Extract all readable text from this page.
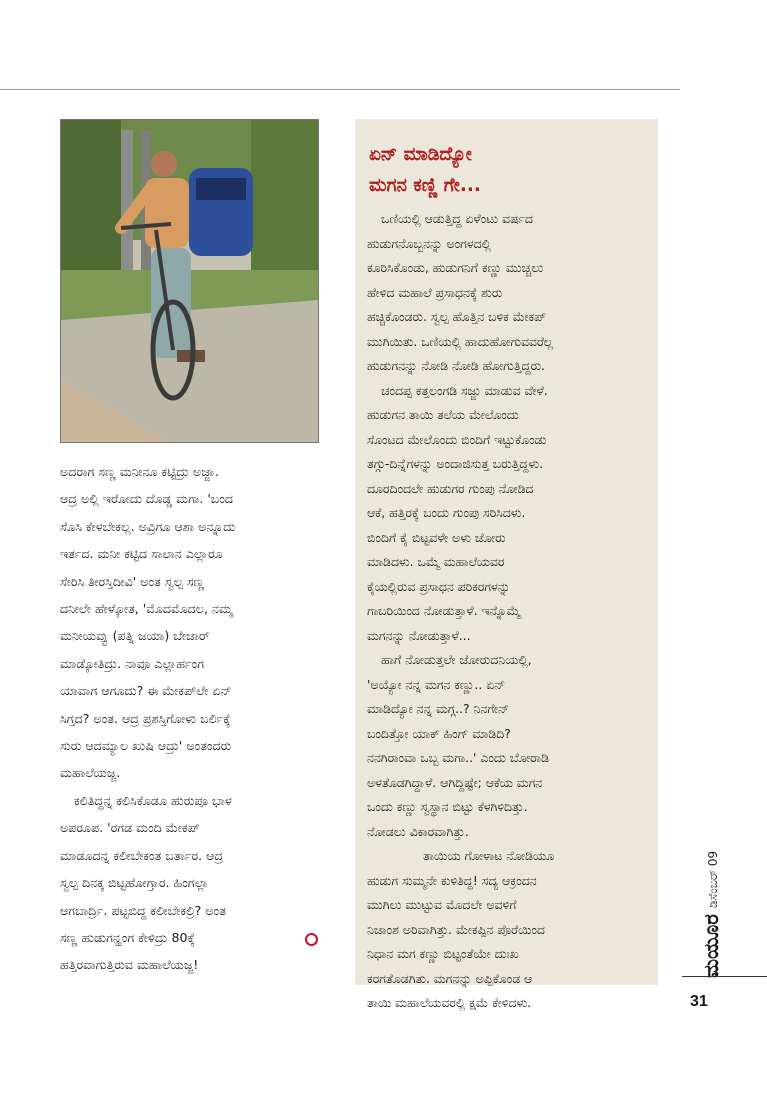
ಅದರಾಗ ಸಣ್ಣ ಮನೀನೂ ಕಟ್ಟಿದ್ರು ಅಜ್ಜಾ.

ಆದ್ರ ಅಲ್ಲಿ ಇರೋದು ದೊಡ್ಡ ಮಗಾ. 'ಬಂದ

ಸೊಸಿ ಕೇಳಬೇಕಲ್ಲ. ಅವ್ರಿಗೂ ಆಶಾ ಅನ್ನೂದು

ಇರ್ತದ. ಮನೀ ಕಟ್ಟಿದ ಸಾಲಾನ ಎಲ್ಲಾರೂ

ಸೇರಿಸಿ ತೀರಸ್ತಿದೀವಿ' ಅಂತ ಸ್ವಲ್ಪ ಸಣ್ಣ

ದನೀಲೇ ಹೇಳ್ಕೋತ, 'ಮೊದಮೊದಲ, ನಮ್ಮ

ಮನೀಯವ್ವು (ಪತ್ನಿ ಜಯಾ) ಬೇಜಾರ್

ಮಾಡ್ಕೋತಿದ್ರು. ನಾವೂ ಎಲ್ಲಾರ್ಹಂಗ

ಯಾವಾಗ ಆಗೂದು? ಈ ಮೇಕಪ್‌ಲೇ ಏನ್

ಸಿಗ್ತದ? ಅಂತ. ಆದ್ರ ಪ್ರಶಸ್ತಿಗೋಳು ಬರ್ಲಿಕ್ಕೆ

ಸುರು ಆದಮ್ಯಾಲ ಖುಷಿ ಆದ್ರು' ಅಂತಂದರು

ಮಹಾಲೆಯಜ್ಜ.

ಕಲಿತಿದ್ದನ್ನ ಕಲಿಸಿಕೊಡೂ ಹುರುಪೂ ಭಾಳ

ಅಪರೂಪ. 'ರಗಡ ಮಂದಿ ಮೇಕಪ್

ಮಾಡೂದನ್ನ ಕಲೀಬೇಕಂತ ಬರ್ತಾರ. ಆದ್ರ

ಸ್ವಲ್ಪ ದಿನಕ್ಕ ಬಿಟ್ಟಹೋಗ್ತಾರ. ಹಿಂಗಲ್ಲಾ

ಆಗಬಾರ್ದ್ರಿ. ಪಟ್ಟಬಿದ್ದ ಕಲೀಬೇಕಲ್ರಿ? ಅಂತ

ಸಣ್ಣ ಹುಡುಗನ್ಹಂಗ ಕೇಳಿದ್ರು 80ಕ್ಕೆ

ಹತ್ತಿರವಾಗುತ್ತಿರುವ ಮಹಾಲೆಯಜ್ಜ!

ಏನ್ ಮಾಡಿದ್ಯೋ
ಮಗನ ಕಣ್ಣಿ ಗೇ...

ಒಣಿಯಲ್ಲಿ ಆಡುತ್ತಿದ್ದ ಏಳೆಂಟು ವರ್ಷದ

ಹುಡುಗನೊಬ್ಬನನ್ನು ಅಂಗಳದಲ್ಲಿ

ಕೂರಿಸಿಕೊಂಡು, ಹುಡುಗನಿಗೆ ಕಣ್ಣು ಮುಚ್ಚಲು

ಹೇಳಿದ ಮಹಾಲೆ ಪ್ರಸಾಧನಕ್ಕೆ ಶುರು

ಹಚ್ಚಿಕೊಂಡರು. ಸ್ವಲ್ಪ ಹೊತ್ತಿನ ಬಳಿಕ ಮೇಕಪ್

ಮುಗಿಯಿತು. ಒಣಿಯಲ್ಲಿ ಹಾದುಹೋಗುವವರೆಲ್ಲ

ಹುಡುಗನನ್ನು ನೋಡಿ ನೋಡಿ ಹೋಗುತ್ತಿದ್ದರು.

ಚಂದಪ್ಪ ಕತ್ತಲಂಗಡಿ ಸಜ್ಜು ಮಾಡುವ ವೇಳೆ.

ಹುಡುಗನ ತಾಯಿ ತಲೆಯ ಮೇಲೊಂದು

ಸೊಂಟದ ಮೇಲೊಂದು ಬಿಂದಿಗೆ ಇಟ್ಟುಕೊಂಡು

ತಗ್ಗು-ದಿನ್ನೆಗಳನ್ನು ಅಂದಾಜಿಸುತ್ತ ಬರುತ್ತಿದ್ದಳು.

ದೂರದಿಂದಲೇ ಹುಡುಗರ ಗುಂಪು ನೋಡಿದ

ಆಕೆ, ಹತ್ತಿರಕ್ಕೆ ಬಂದು ಗುಂಪು ಸರಿಸಿದಳು.

ಬಿಂದಿಗೆ ಕೈ ಬಿಟ್ಟವಳೇ ಅಳು ಜೋರು

ಮಾಡಿದಳು. ಒಮ್ಮೆ ಮಹಾಲೆಯವರ

ಕೈಯಲ್ಲಿರುವ ಪ್ರಸಾಧನ ಪರಿಕರಗಳನ್ನು

ಗಾಬರಿಯಿಂದ ನೋಡುತ್ತಾಳೆ. ಇನ್ನೊಮ್ಮೆ

ಮಗನನ್ನು ನೋಡುತ್ತಾಳೆ...

ಹಾಗೆ ನೋಡುತ್ತಲೇ ಜೋರುದನಿಯಲ್ಲಿ,

'ಅಯ್ಯೋ ನನ್ನ ಮಗನ ಕಣ್ಣು.. ಏನ್

ಮಾಡಿದ್ಯೋ ನನ್ನ ಮಗ್ಗ..? ನಿನಗೇನ್

ಬಂದಿತ್ತೋ ಯಾಕ್ ಹಿಂಗ್ ಮಾಡಿದಿ?

ನನಗಿರಾಂವಾ ಒಬ್ಬ ಮಗಾ..' ಎಂದು ಬೋರಾಡಿ

ಅಳತೊಡಗಿದ್ದಾಳೆ. ಆಗಿದ್ದಿಷ್ಟೇ; ಆಕೆಯ ಮಗನ

ಒಂದು ಕಣ್ಣು ಸ್ವಸ್ಥಾನ ಬಿಟ್ಟು ಕೆಳಗಿಳಿದಿತ್ತು.

ನೋಡಲು ವಿಕಾರವಾಗಿತ್ತು.

ತಾಯಿಯ ಗೋಳಾಟ ನೋಡಿಯೂ

ಹುಡುಗ ಸುಮ್ಮನೇ ಕುಳಿತಿದ್ದ! ಸದ್ಯ ಆಕ್ರಂದನ

ಮುಗಿಲು ಮುಟ್ಟುವ ಮೊದಲೇ ಅವಳಿಗೆ

ನಿಜಾಂಶ ಅರಿವಾಗಿತ್ತು. ಮೇಕಪ್ಪಿನ ಪೊರೆಯಿಂದ

ನಿಧಾನ ಮಗ ಕಣ್ಣು ಬಿಟ್ಟಂತೆಯೇ ದುಃಖ

ಕರಗತೊಡಗಿತು. ಮಗನನ್ನು ಅಪ್ಪಿಕೊಂಡ ಆ

ತಾಯಿ ಮಹಾಲೆಯವರಲ್ಲಿ ಕ್ಷಮೆ ಕೇಳಿದಳು.

ಡಿಸೆಂಬರ್ 09
ಮಯೂರ
31
